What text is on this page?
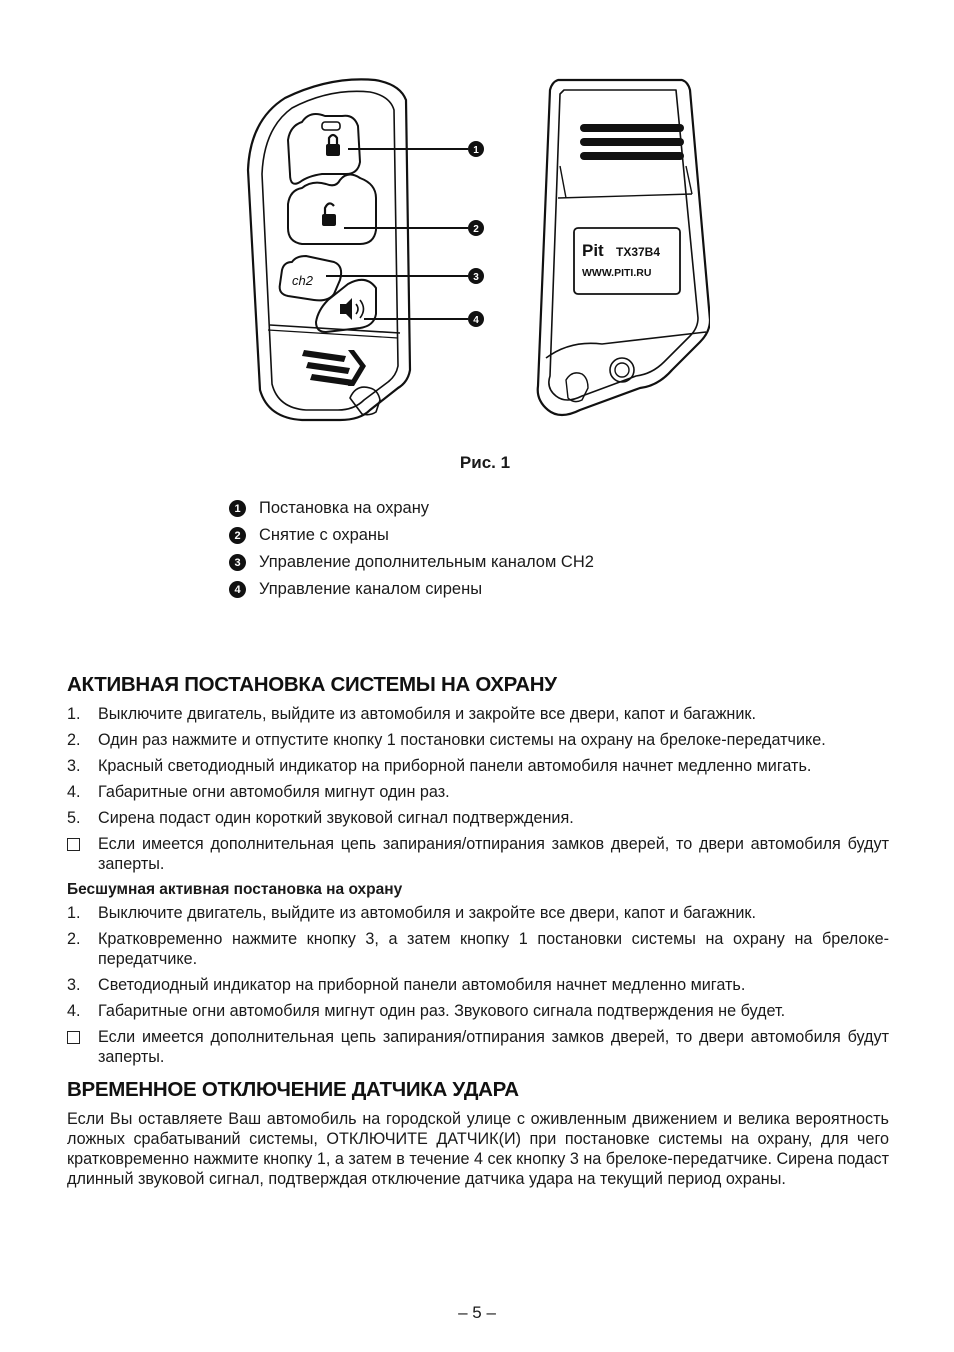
ch2
1
2
3
4
Pit TX37B4
WWW.PITI.RU
Рис. 1
1	Постановка на охрану
2	Снятие с охраны
3	Управление дополнительным каналом CH2
4	Управление каналом сирены
АКТИВНАЯ ПОСТАНОВКА СИСТЕМЫ НА ОХРАНУ
1.	Выключите двигатель, выйдите из автомобиля и закройте все двери, капот и багажник.
2.	Один раз нажмите и отпустите кнопку 1 постановки системы на охрану на брелоке-передатчике.
3.	Красный светодиодный индикатор на приборной панели автомобиля начнет медленно мигать.
4.	Габаритные огни автомобиля мигнут один раз.
5.	Сирена подаст один короткий звуковой сигнал подтверждения.
Если имеется дополнительная цепь запирания/отпирания замков дверей, то двери автомобиля будут заперты.
Бесшумная активная постановка на охрану
1.	Выключите двигатель, выйдите из автомобиля и закройте все двери, капот и багажник.
2.	Кратковременно нажмите кнопку 3, а затем кнопку 1 постановки системы на охрану на брелоке-передатчике.
3.	Светодиодный индикатор на приборной панели автомобиля начнет медленно мигать.
4.	Габаритные огни автомобиля мигнут один раз. Звукового сигнала подтверждения не будет.
Если имеется дополнительная цепь запирания/отпирания замков дверей, то двери автомобиля будут заперты.
ВРЕМЕННОЕ ОТКЛЮЧЕНИЕ ДАТЧИКА УДАРА

Если Вы оставляете Ваш автомобиль на городской улице с оживленным движением и велика вероятность ложных срабатываний системы, ОТКЛЮЧИТЕ ДАТЧИК(И) при постановке системы на охрану, для чего кратковременно нажмите кнопку 1, а затем в течение 4 сек кнопку 3 на брелоке-передатчике. Сирена подаст длинный звуковой сигнал, подтверждая отключение датчика удара на текущий период охраны.

– 5 –
